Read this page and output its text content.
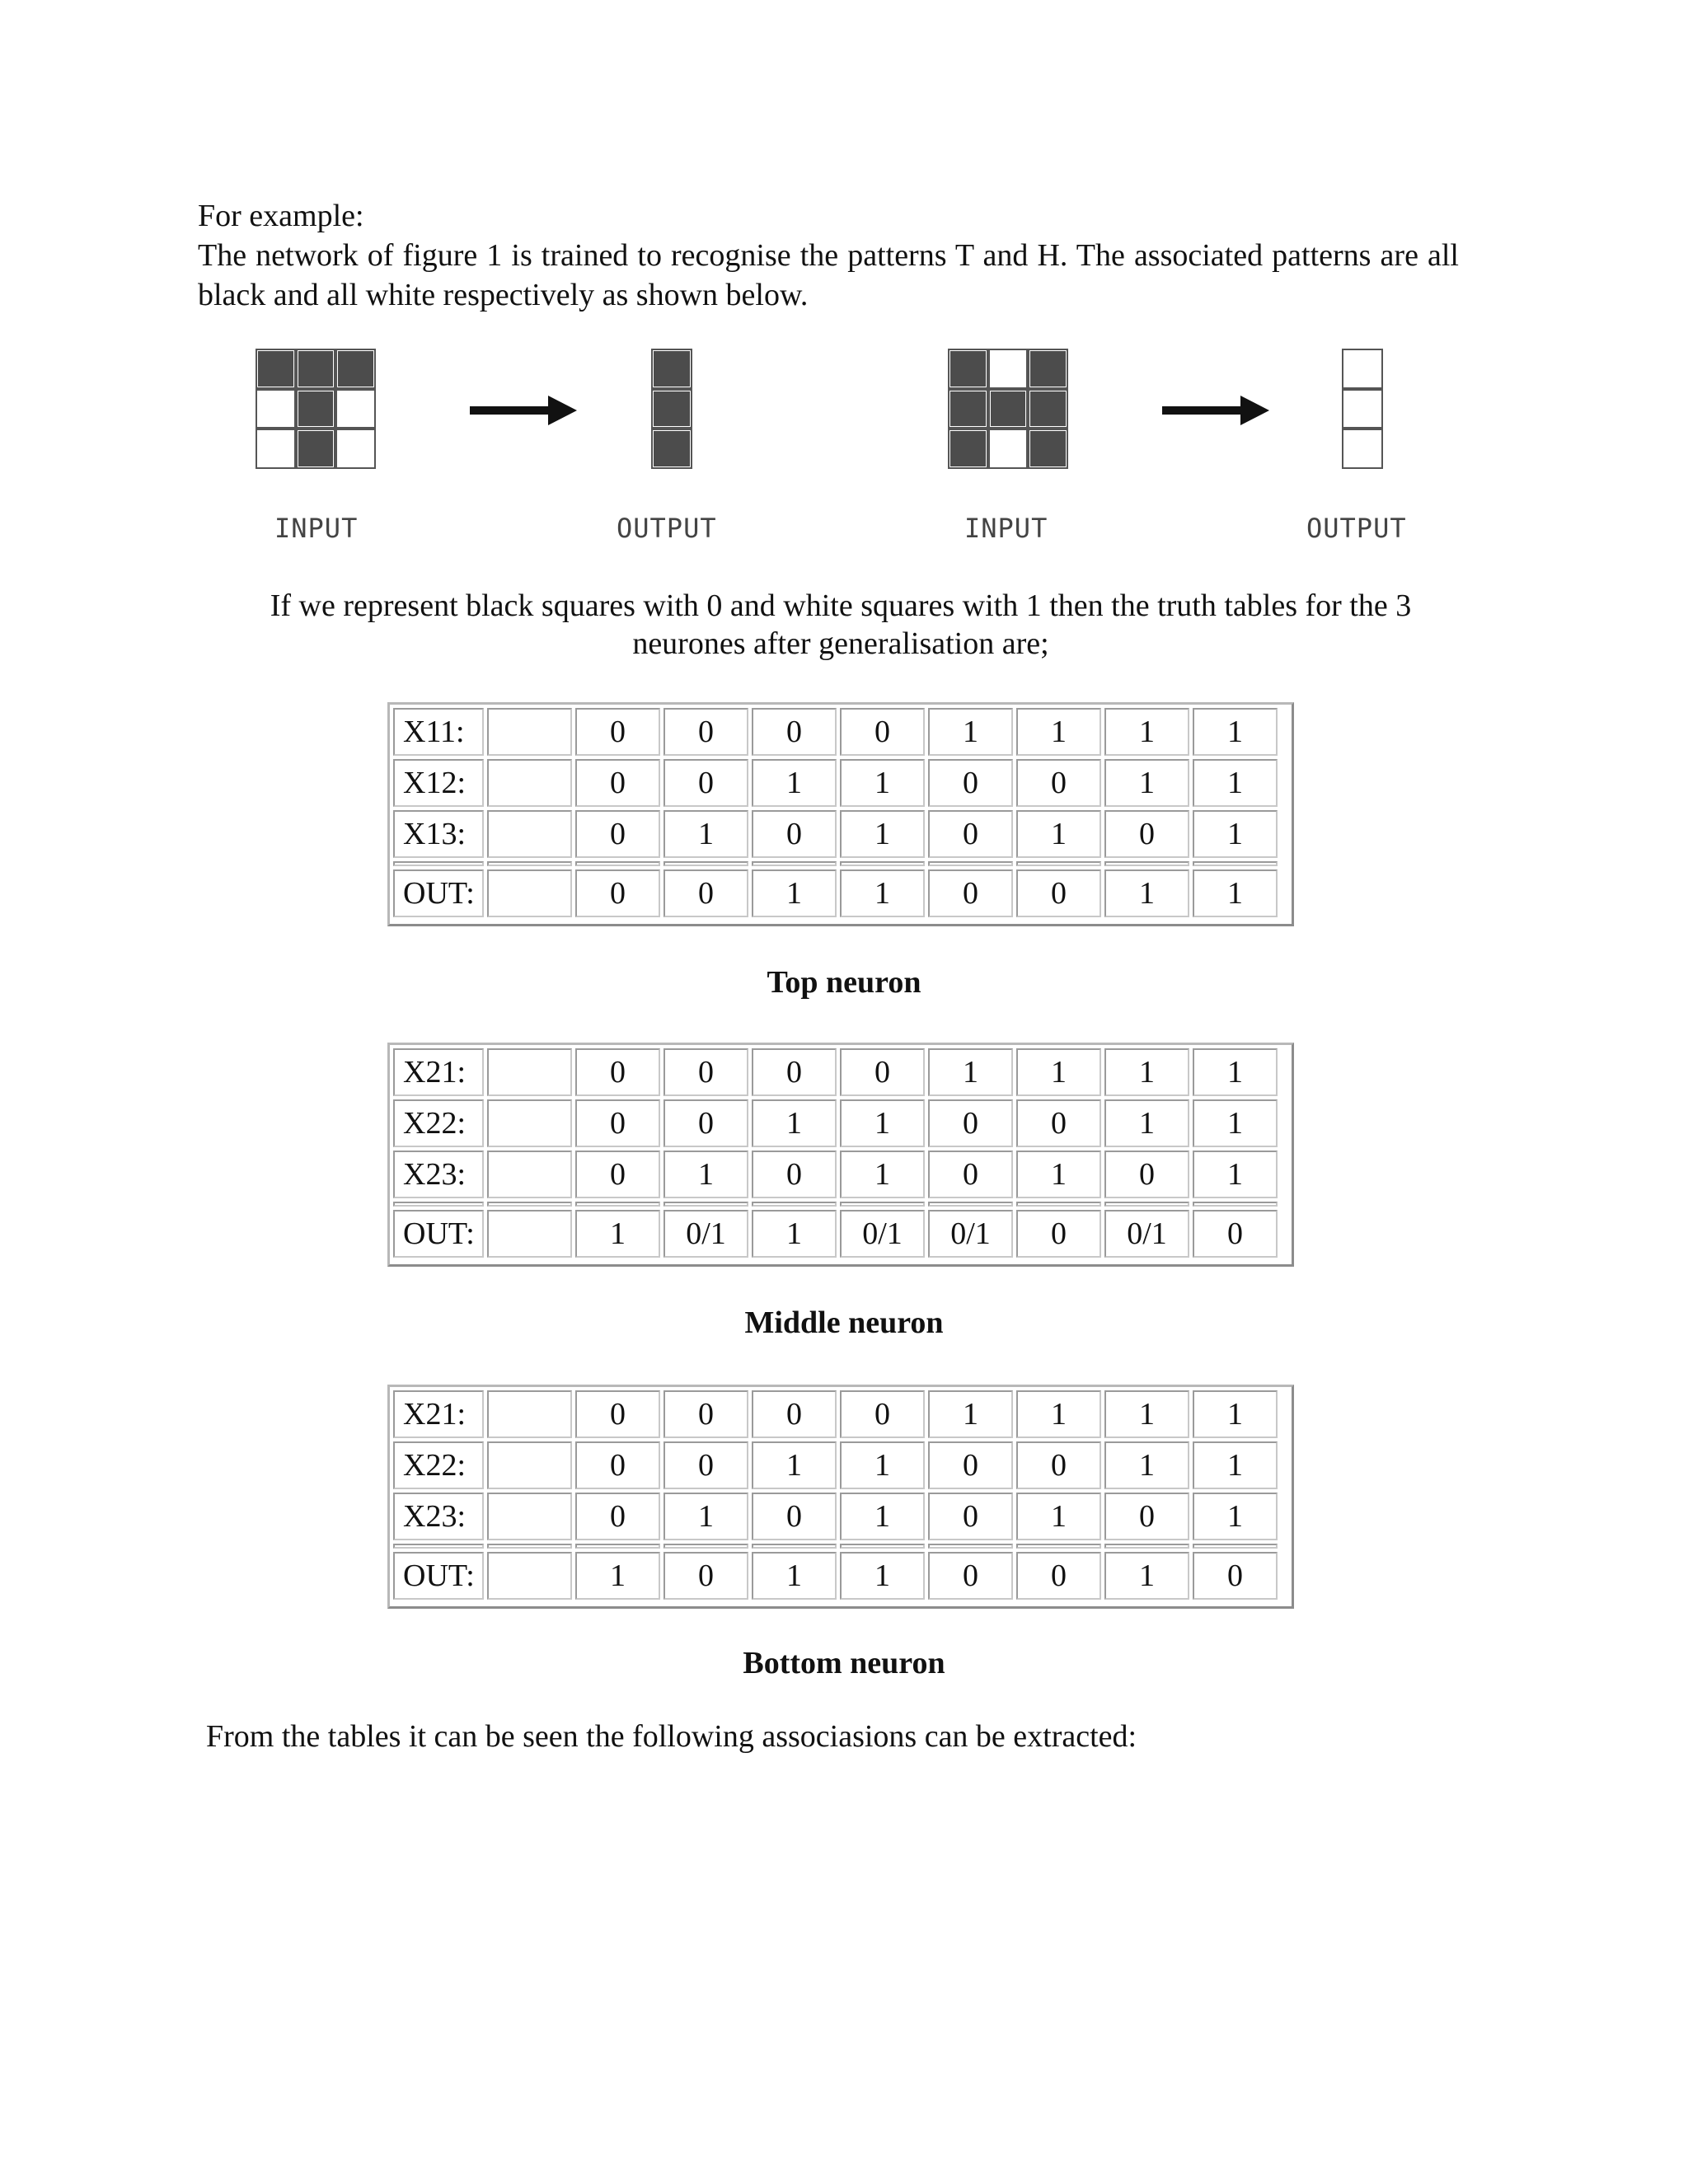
For example:

The network of figure 1 is trained to recognise the patterns T and H. The associated patterns are all black and all white respectively as shown below.

INPUT	OUTPUT	INPUT	OUTPUT
If we represent black squares with 0 and white squares with 1 then the truth tables for the 3 neurones after generalisation are;
X11:	0	0	0	0	1	1	1	1
X12:	0	0	1	1	0	0	1	1
X13:	0	1	0	1	0	1	0	1
OUT:	0	0	1	1	0	0	1	1
Top neuron
X21:	0	0	0	0	1	1	1	1
X22:	0	0	1	1	0	0	1	1
X23:	0	1	0	1	0	1	0	1
OUT:	1	0/1	1	0/1	0/1	0	0/1	0
Middle neuron
X21:	0	0	0	0	1	1	1	1
X22:	0	0	1	1	0	0	1	1
X23:	0	1	0	1	0	1	0	1
OUT:	1	0	1	1	0	0	1	0
Bottom neuron
From the tables it can be seen the following associasions can be extracted:
